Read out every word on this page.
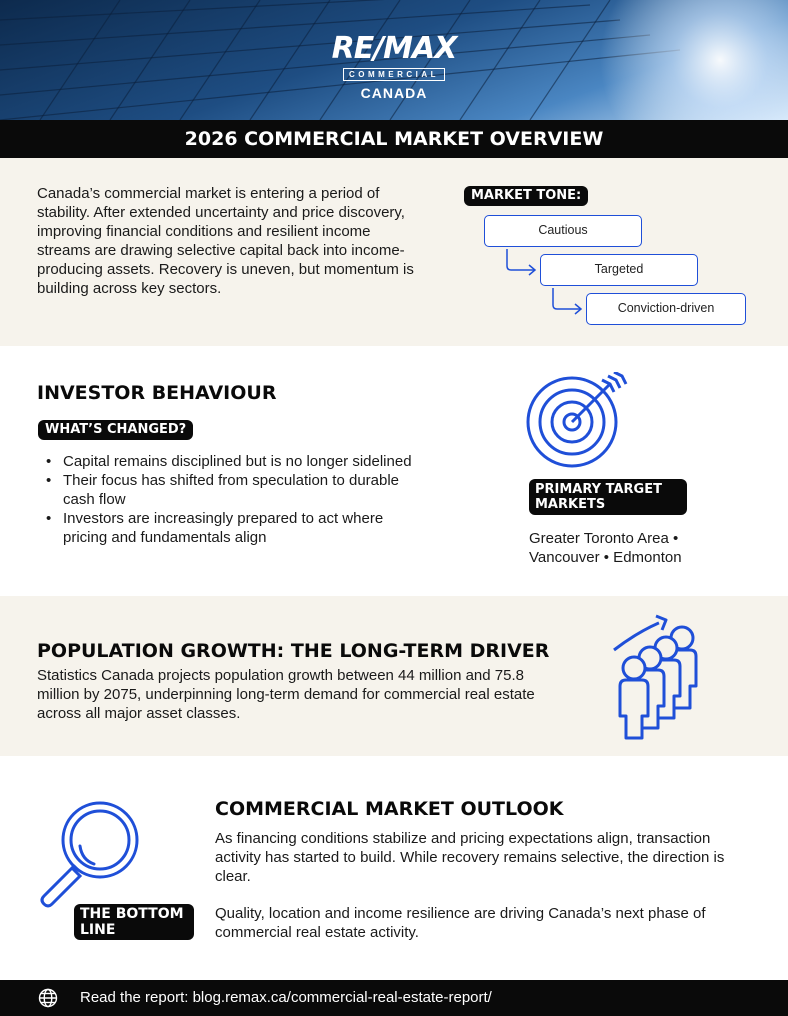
RE/MAX
COMMERCIAL
CANADA
2026 COMMERCIAL MARKET OVERVIEW

Canada’s commercial market is entering a period of stability. After extended uncertainty and price discovery, improving financial conditions and resilient income streams are drawing selective capital back into income-producing assets. Recovery is uneven, but momentum is building across key sectors.

MARKET TONE:
Cautious
Targeted
Conviction-driven
INVESTOR BEHAVIOUR
WHAT’S CHANGED?
• Capital remains disciplined but is no longer sidelined
• Their focus has shifted from speculation to durable cash flow
• Investors are increasingly prepared to act where pricing and fundamentals align
PRIMARY TARGET MARKETS
Greater Toronto Area • Vancouver • Edmonton
POPULATION GROWTH: THE LONG-TERM DRIVER

Statistics Canada projects population growth between 44 million and 75.8 million by 2075, underpinning long-term demand for commercial real estate across all major asset classes.

THE BOTTOM LINE
COMMERCIAL MARKET OUTLOOK

As financing conditions stabilize and pricing expectations align, transaction activity has started to build. While recovery remains selective, the direction is clear.

Quality, location and income resilience are driving Canada’s next phase of commercial real estate activity.

Read the report: blog.remax.ca/commercial-real-estate-report/
